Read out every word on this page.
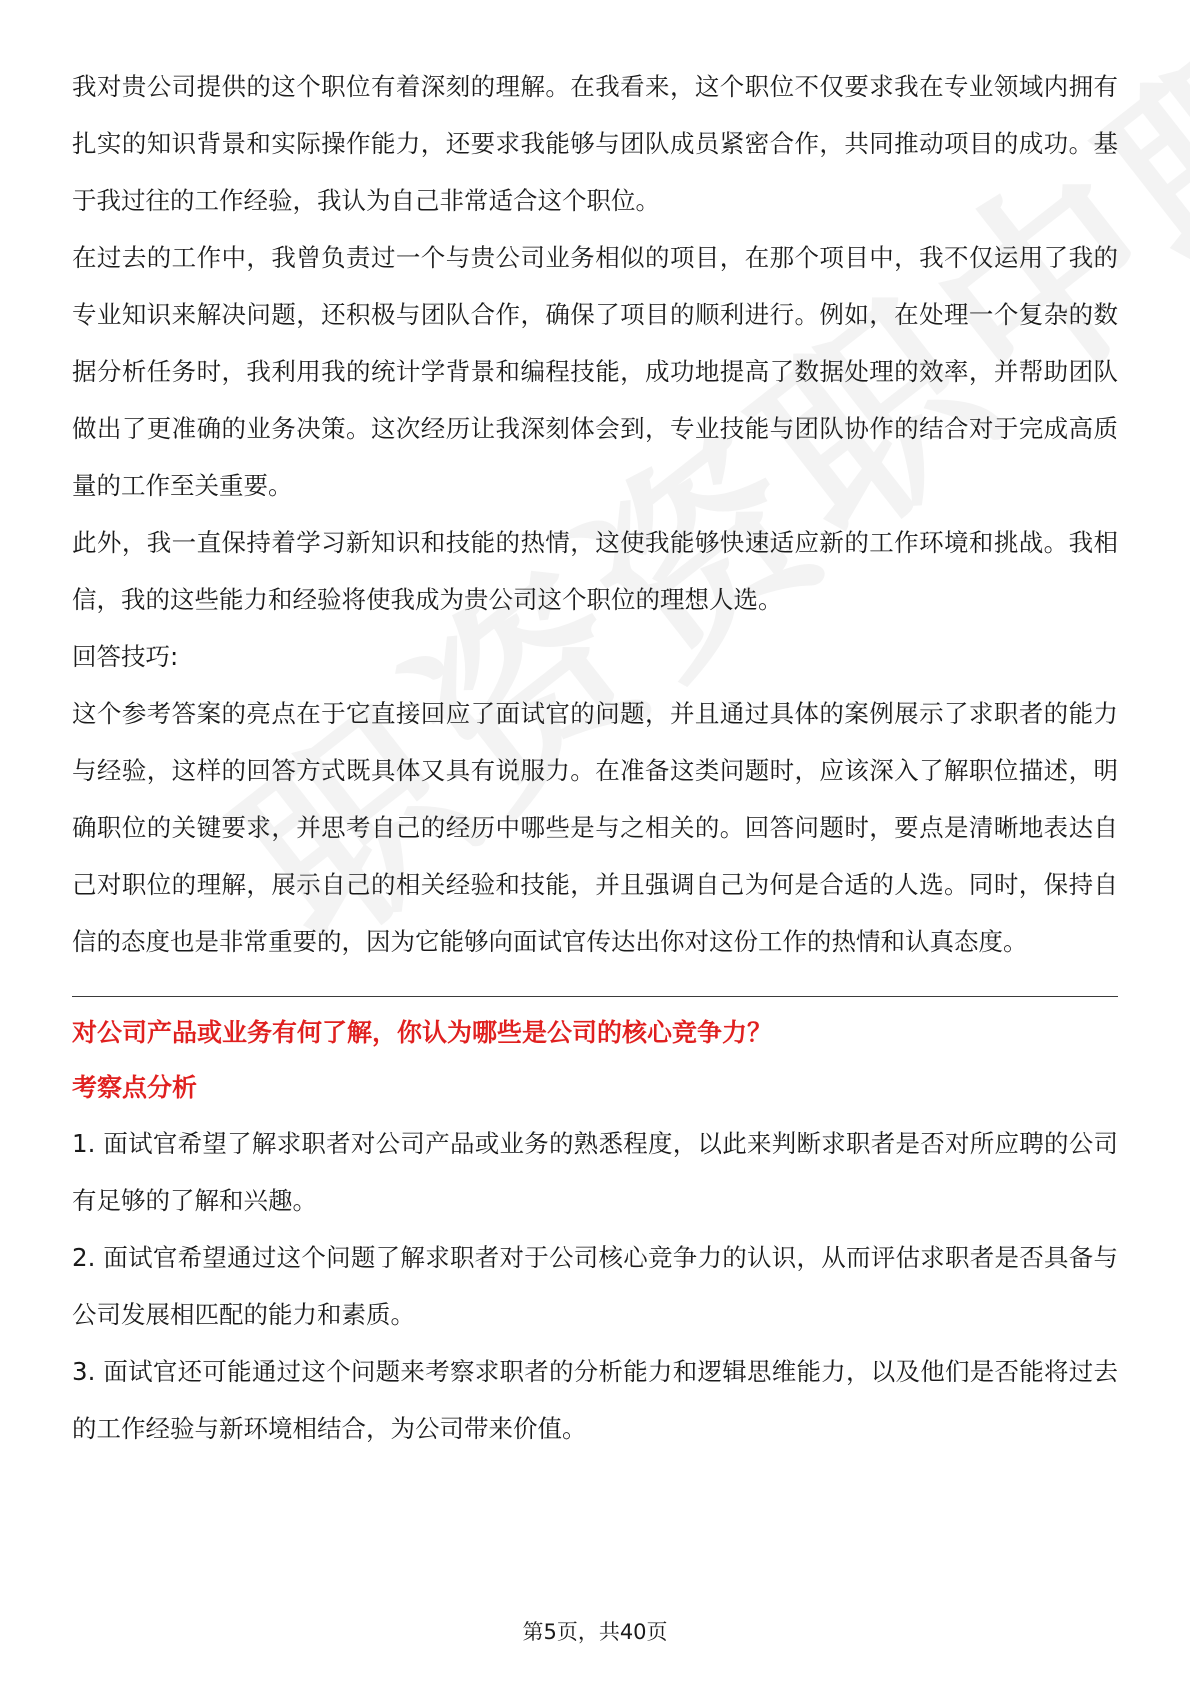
我对贵公司提供的这个职位有着深刻的理解。在我看来，这个职位不仅要求我在专业领域内拥有扎实的知识背景和实际操作能力，还要求我能够与团队成员紧密合作，共同推动项目的成功。基于我过往的工作经验，我认为自己非常适合这个职位。

在过去的工作中，我曾负责过一个与贵公司业务相似的项目，在那个项目中，我不仅运用了我的专业知识来解决问题，还积极与团队合作，确保了项目的顺利进行。例如，在处理一个复杂的数据分析任务时，我利用我的统计学背景和编程技能，成功地提高了数据处理的效率，并帮助团队做出了更准确的业务决策。这次经历让我深刻体会到，专业技能与团队协作的结合对于完成高质量的工作至关重要。

此外，我一直保持着学习新知识和技能的热情，这使我能够快速适应新的工作环境和挑战。我相信，我的这些能力和经验将使我成为贵公司这个职位的理想人选。

回答技巧:

这个参考答案的亮点在于它直接回应了面试官的问题，并且通过具体的案例展示了求职者的能力与经验，这样的回答方式既具体又具有说服力。在准备这类问题时，应该深入了解职位描述，明确职位的关键要求，并思考自己的经历中哪些是与之相关的。回答问题时，要点是清晰地表达自己对职位的理解，展示自己的相关经验和技能，并且强调自己为何是合适的人选。同时，保持自信的态度也是非常重要的，因为它能够向面试官传达出你对这份工作的热情和认真态度。

对公司产品或业务有何了解，你认为哪些是公司的核心竞争力？

考察点分析

1. 面试官希望了解求职者对公司产品或业务的熟悉程度，以此来判断求职者是否对所应聘的公司有足够的了解和兴趣。

2. 面试官希望通过这个问题了解求职者对于公司核心竞争力的认识，从而评估求职者是否具备与公司发展相匹配的能力和素质。

3. 面试官还可能通过这个问题来考察求职者的分析能力和逻辑思维能力，以及他们是否能将过去的工作经验与新环境相结合，为公司带来价值。

第5页，共40页
